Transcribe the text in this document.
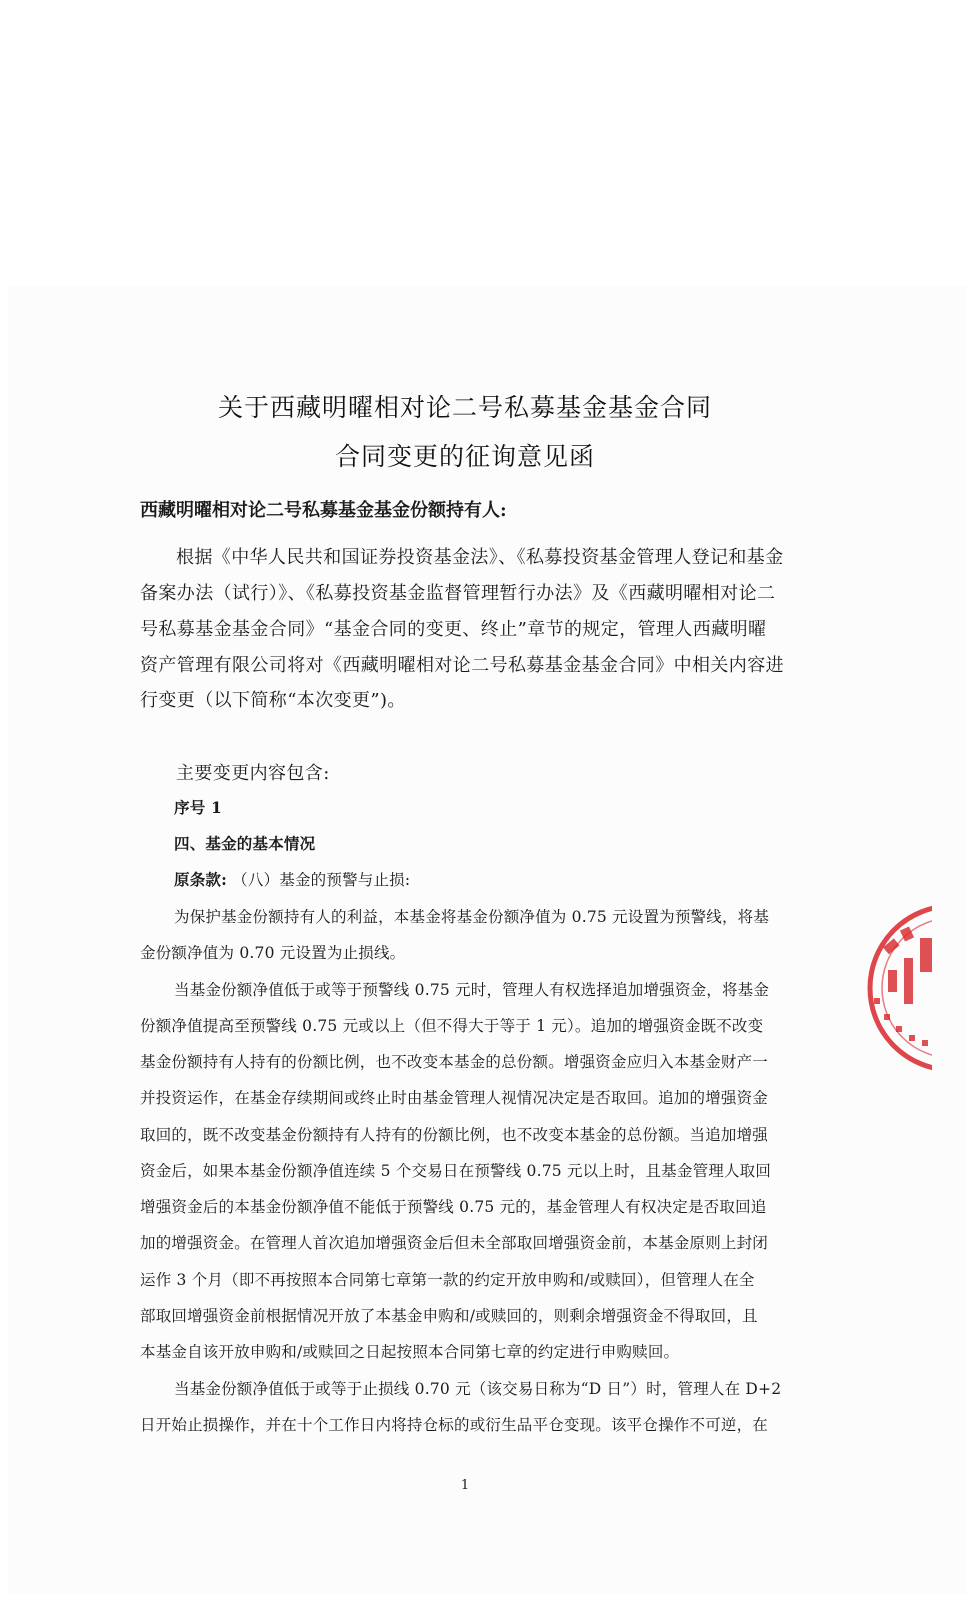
关于西藏明曜相对论二号私募基金基金合同
合同变更的征询意见函
西藏明曜相对论二号私募基金基金份额持有人:
根据《中华人民共和国证券投资基金法》、《私募投资基金管理人登记和基金
备案办法（试行）》、《私募投资基金监督管理暂行办法》及《西藏明曜相对论二
号私募基金基金合同》“基金合同的变更、终止”章节的规定，管理人西藏明曜
资产管理有限公司将对《西藏明曜相对论二号私募基金基金合同》中相关内容进
行变更（以下简称“本次变更”)。
主要变更内容包含:
序号 1
四、基金的基本情况
原条款: （八）基金的预警与止损:
为保护基金份额持有人的利益，本基金将基金份额净值为 0.75 元设置为预警线，将基
金份额净值为 0.70 元设置为止损线。
当基金份额净值低于或等于预警线 0.75 元时，管理人有权选择追加增强资金，将基金
份额净值提高至预警线 0.75 元或以上（但不得大于等于 1 元）。追加的增强资金既不改变
基金份额持有人持有的份额比例，也不改变本基金的总份额。增强资金应归入本基金财产一
并投资运作，在基金存续期间或终止时由基金管理人视情况决定是否取回。追加的增强资金
取回的，既不改变基金份额持有人持有的份额比例，也不改变本基金的总份额。当追加增强
资金后，如果本基金份额净值连续 5 个交易日在预警线 0.75 元以上时，且基金管理人取回
增强资金后的本基金份额净值不能低于预警线 0.75 元的，基金管理人有权决定是否取回追
加的增强资金。在管理人首次追加增强资金后但未全部取回增强资金前，本基金原则上封闭
运作 3 个月（即不再按照本合同第七章第一款的约定开放申购和/或赎回），但管理人在全
部取回增强资金前根据情况开放了本基金申购和/或赎回的，则剩余增强资金不得取回，且
本基金自该开放申购和/或赎回之日起按照本合同第七章的约定进行申购赎回。
当基金份额净值低于或等于止损线 0.70 元（该交易日称为“D 日”）时，管理人在 D+2
日开始止损操作，并在十个工作日内将持仓标的或衍生品平仓变现。该平仓操作不可逆，在
1
